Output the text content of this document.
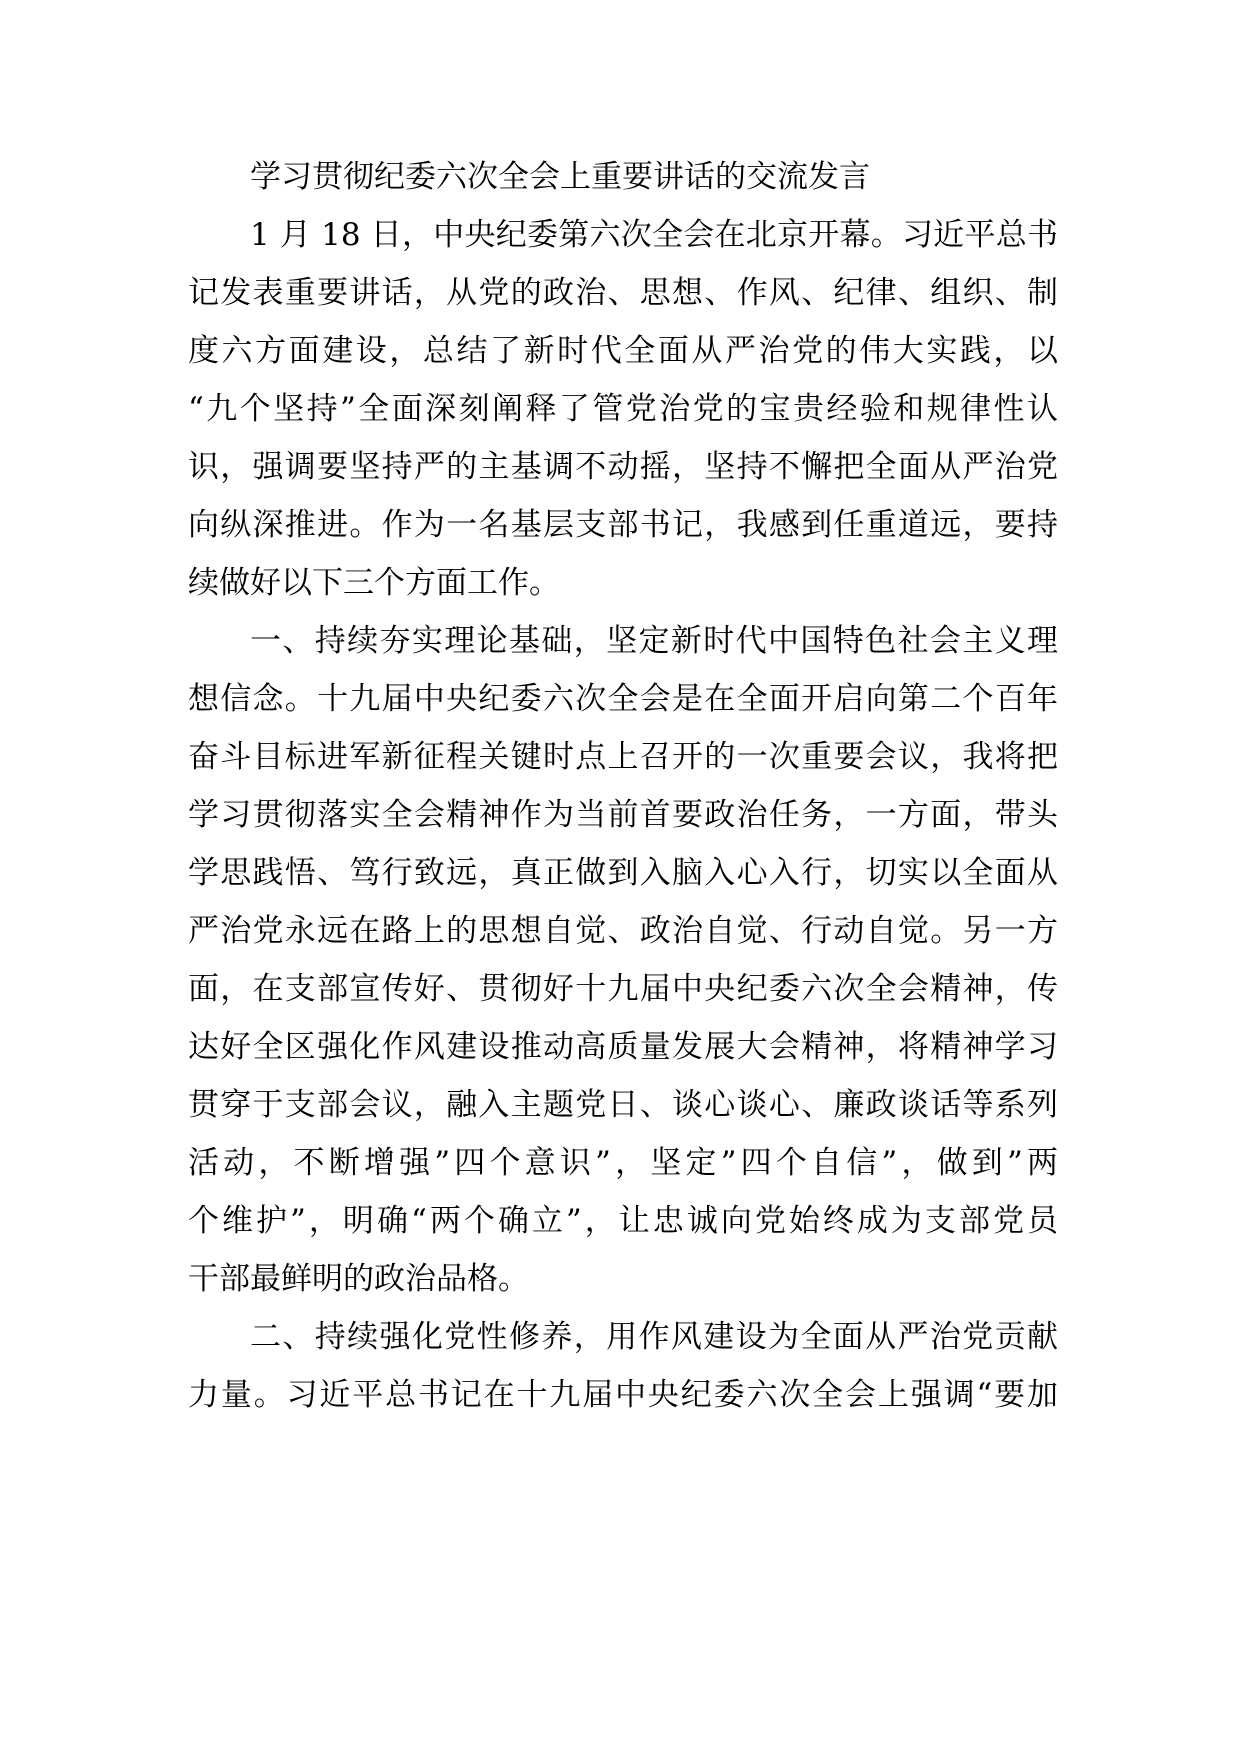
学习贯彻纪委六次全会上重要讲话的交流发言
1 月 18 日，中央纪委第六次全会在北京开幕。习近平总书
记发表重要讲话，从党的政治、思想、作风、纪律、组织、制
度六方面建设，总结了新时代全面从严治党的伟大实践，以
“九个坚持”全面深刻阐释了管党治党的宝贵经验和规律性认
识，强调要坚持严的主基调不动摇，坚持不懈把全面从严治党
向纵深推进。作为一名基层支部书记，我感到任重道远，要持
续做好以下三个方面工作。
一、持续夯实理论基础，坚定新时代中国特色社会主义理
想信念。十九届中央纪委六次全会是在全面开启向第二个百年
奋斗目标进军新征程关键时点上召开的一次重要会议，我将把
学习贯彻落实全会精神作为当前首要政治任务，一方面，带头
学思践悟、笃行致远，真正做到入脑入心入行，切实以全面从
严治党永远在路上的思想自觉、政治自觉、行动自觉。另一方
面，在支部宣传好、贯彻好十九届中央纪委六次全会精神，传
达好全区强化作风建设推动高质量发展大会精神，将精神学习
贯穿于支部会议，融入主题党日、谈心谈心、廉政谈话等系列
活动，不断增强”四个意识”，坚定”四个自信”，做到”两
个维护”，明确“两个确立”，让忠诚向党始终成为支部党员
干部最鲜明的政治品格。
二、持续强化党性修养，用作风建设为全面从严治党贡献
力量。习近平总书记在十九届中央纪委六次全会上强调“要加
